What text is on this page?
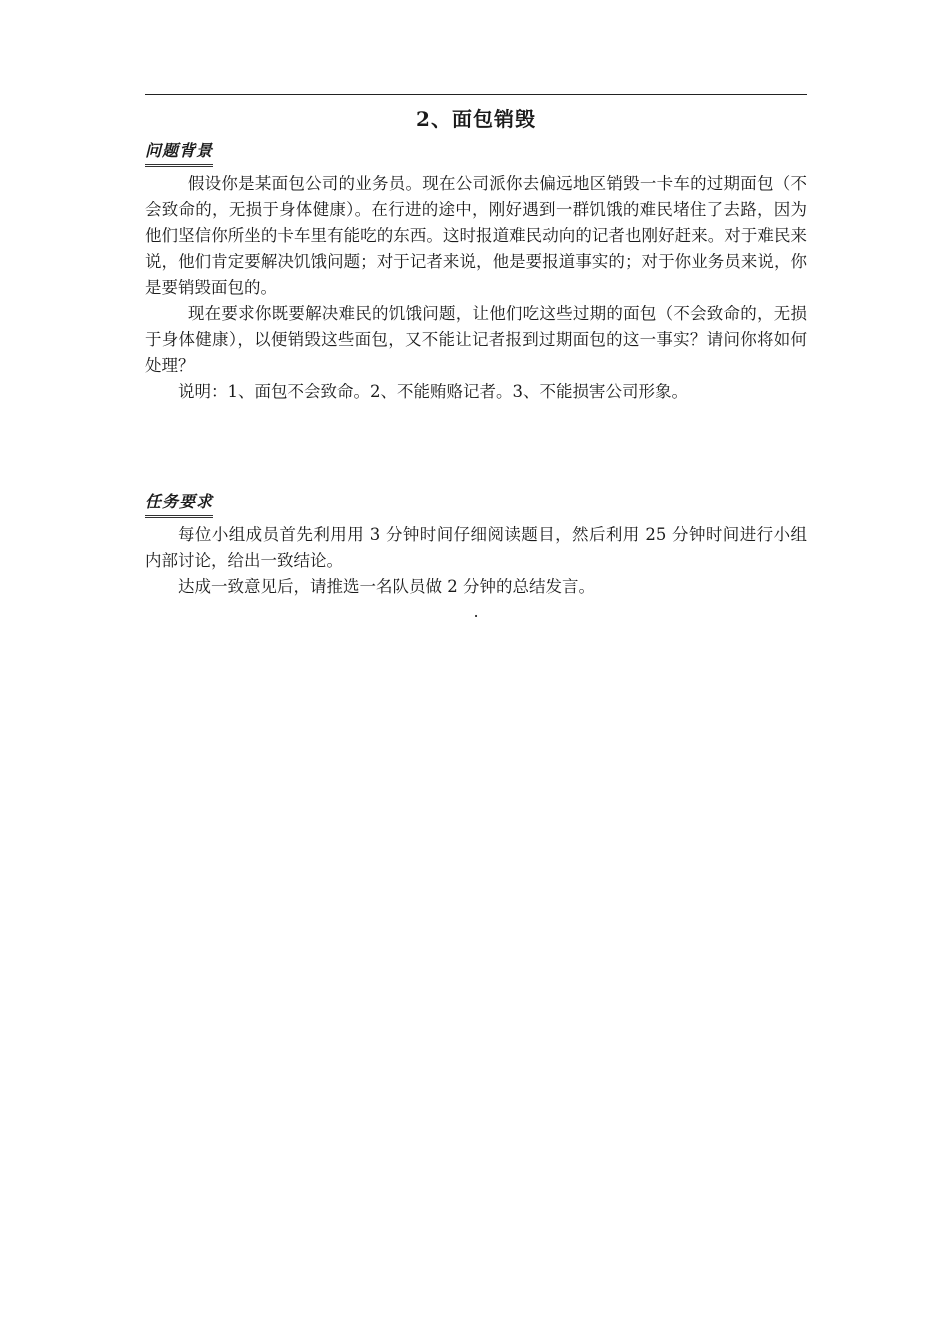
2、面包销毁
问题背景

假设你是某面包公司的业务员。现在公司派你去偏远地区销毁一卡车的过期面包（不会致命的，无损于身体健康）。在行进的途中，刚好遇到一群饥饿的难民堵住了去路，因为他们坚信你所坐的卡车里有能吃的东西。这时报道难民动向的记者也刚好赶来。对于难民来说，他们肯定要解决饥饿问题；对于记者来说，他是要报道事实的；对于你业务员来说，你是要销毁面包的。

现在要求你既要解决难民的饥饿问题，让他们吃这些过期的面包（不会致命的，无损于身体健康），以便销毁这些面包，又不能让记者报到过期面包的这一事实？请问你将如何处理？

说明：1、面包不会致命。2、不能贿赂记者。3、不能损害公司形象。

任务要求

每位小组成员首先利用用 3 分钟时间仔细阅读题目，然后利用 25 分钟时间进行小组内部讨论，给出一致结论。

达成一致意见后，请推选一名队员做 2 分钟的总结发言。

.
